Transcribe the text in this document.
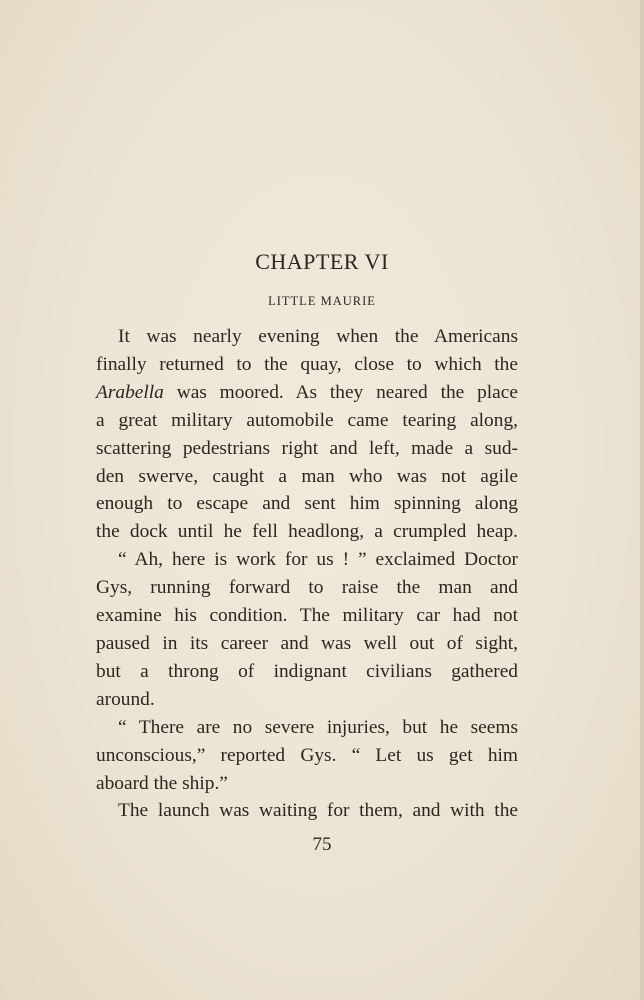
CHAPTER VI
LITTLE MAURIE
It was nearly evening when the Americans
finally returned to the quay, close to which the
Arabella was moored. As they neared the place
a great military automobile came tearing along,
scattering pedestrians right and left, made a sud-
den swerve, caught a man who was not agile
enough to escape and sent him spinning along
the dock until he fell headlong, a crumpled heap.
“ Ah, here is work for us ! ” exclaimed Doctor
Gys, running forward to raise the man and
examine his condition. The military car had not
paused in its career and was well out of sight,
but a throng of indignant civilians gathered
around.
“ There are no severe injuries, but he seems
unconscious,” reported Gys. “ Let us get him
aboard the ship.”
The launch was waiting for them, and with the
75
